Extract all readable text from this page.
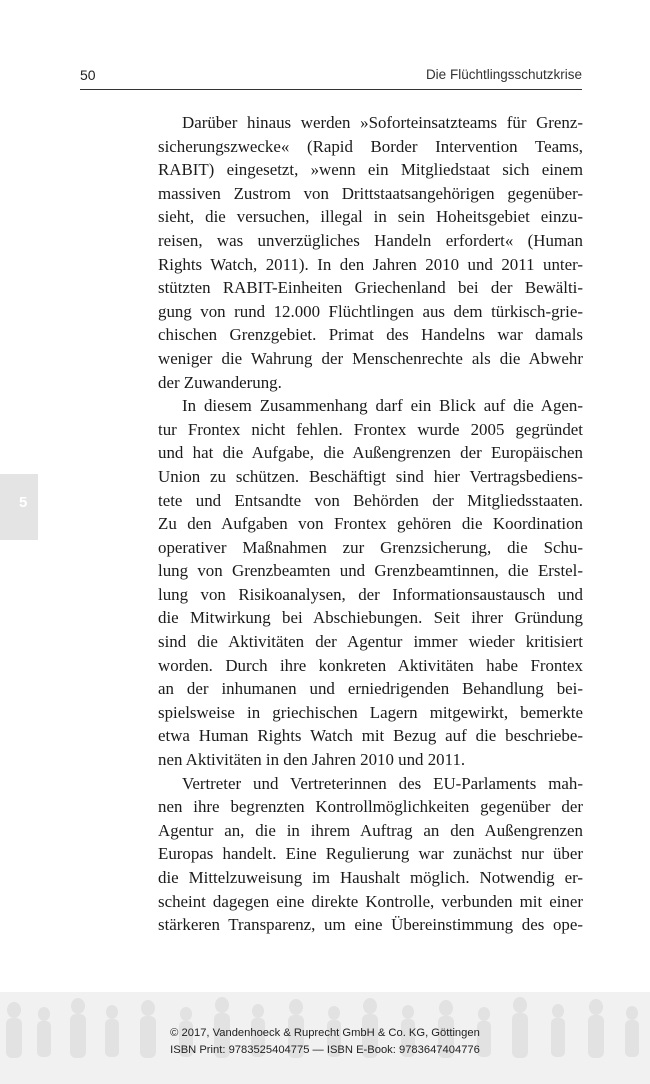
50	Die Flüchtlingsschutzkrise
5
Darüber hinaus werden »Soforteinsatzteams für Grenz-
sicherungszwecke« (Rapid Border Intervention Teams,
RABIT) eingesetzt, »wenn ein Mitgliedstaat sich einem
massiven Zustrom von Drittstaatsangehörigen gegenüber-
sieht, die versuchen, illegal in sein Hoheitsgebiet einzu-
reisen, was unverzügliches Handeln erfordert« (Human
Rights Watch, 2011). In den Jahren 2010 und 2011 unter-
stützten RABIT-Einheiten Griechenland bei der Bewälti-
gung von rund 12.000 Flüchtlingen aus dem türkisch-grie-
chischen Grenzgebiet. Primat des Handelns war damals
weniger die Wahrung der Menschenrechte als die Abwehr
der Zuwanderung.
In diesem Zusammenhang darf ein Blick auf die Agen-
tur Frontex nicht fehlen. Frontex wurde 2005 gegründet
und hat die Aufgabe, die Außengrenzen der Europäischen
Union zu schützen. Beschäftigt sind hier Vertragsbediens-
tete und Entsandte von Behörden der Mitgliedsstaaten.
Zu den Aufgaben von Frontex gehören die Koordination
operativer Maßnahmen zur Grenzsicherung, die Schu-
lung von Grenzbeamten und Grenzbeamtinnen, die Erstel-
lung von Risikoanalysen, der Informationsaustausch und
die Mitwirkung bei Abschiebungen. Seit ihrer Gründung
sind die Aktivitäten der Agentur immer wieder kritisiert
worden. Durch ihre konkreten Aktivitäten habe Frontex
an der inhumanen und erniedrigenden Behandlung bei-
spielsweise in griechischen Lagern mitgewirkt, bemerkte
etwa Human Rights Watch mit Bezug auf die beschriebe-
nen Aktivitäten in den Jahren 2010 und 2011.
Vertreter und Vertreterinnen des EU-Parlaments mah-
nen ihre begrenzten Kontrollmöglichkeiten gegenüber der
Agentur an, die in ihrem Auftrag an den Außengrenzen
Europas handelt. Eine Regulierung war zunächst nur über
die Mittelzuweisung im Haushalt möglich. Notwendig er-
scheint dagegen eine direkte Kontrolle, verbunden mit einer
stärkeren Transparenz, um eine Übereinstimmung des ope-
© 2017, Vandenhoeck & Ruprecht GmbH & Co. KG, Göttingen
ISBN Print: 9783525404775 — ISBN E-Book: 9783647404776
